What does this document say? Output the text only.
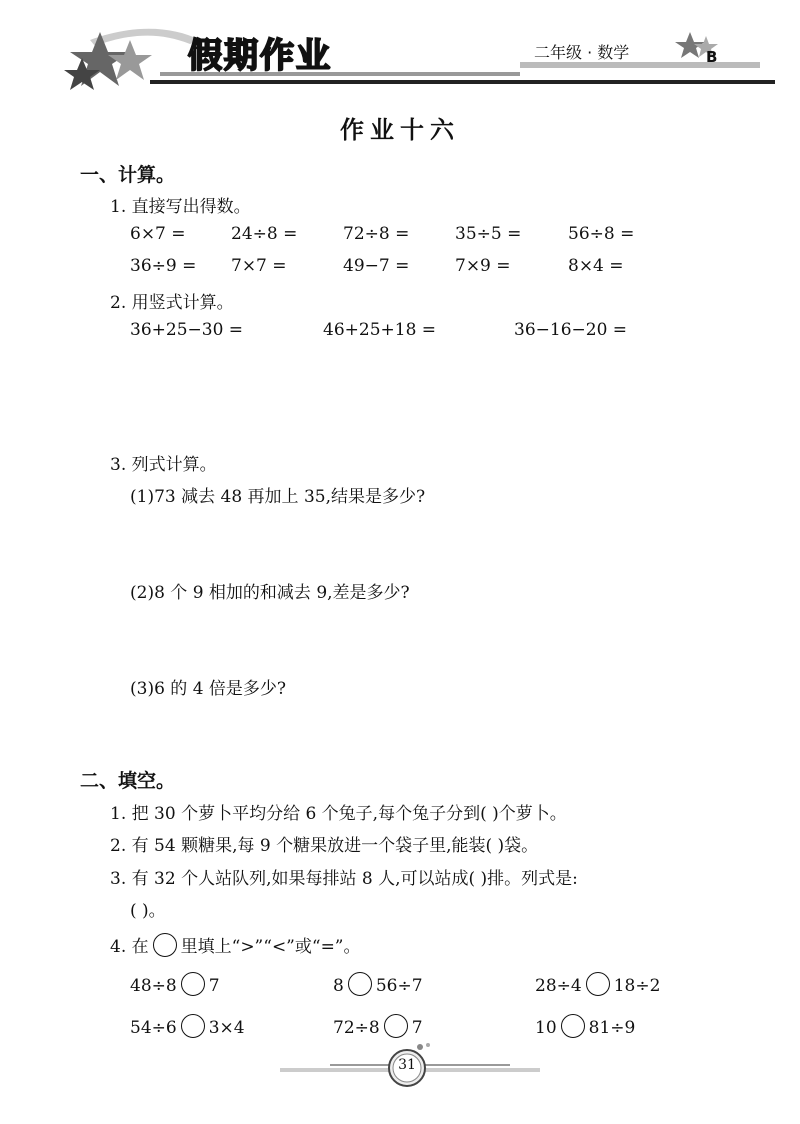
假期作业	二年级 · 数学	B
作业十六
一、计算。
1. 直接写出得数。
6×7 =	24÷8 =	72÷8 =	35÷5 =	56÷8 =
36÷9 = 7×7 =	49−7 =	7×9 =	8×4 =
2. 用竖式计算。
36+25−30 =	46+25+18 =	36−16−20 =
3. 列式计算。
(1)73 减去 48 再加上 35,结果是多少?
(2)8 个 9 相加的和减去 9,差是多少?
(3)6 的 4 倍是多少?
二、填空。
1. 把 30 个萝卜平均分给 6 个兔子,每个兔子分到( )个萝卜。
2. 有 54 颗糖果,每 9 个糖果放进一个袋子里,能装( )袋。
3. 有 32 个人站队列,如果每排站 8 人,可以站成( )排。列式是:
( )。
4. 在 里填上“>”“<”或“=”。
48÷8 7	8 56÷7	28÷4 18÷2
54÷6 3×4	72÷8 7	10 81÷9
31
